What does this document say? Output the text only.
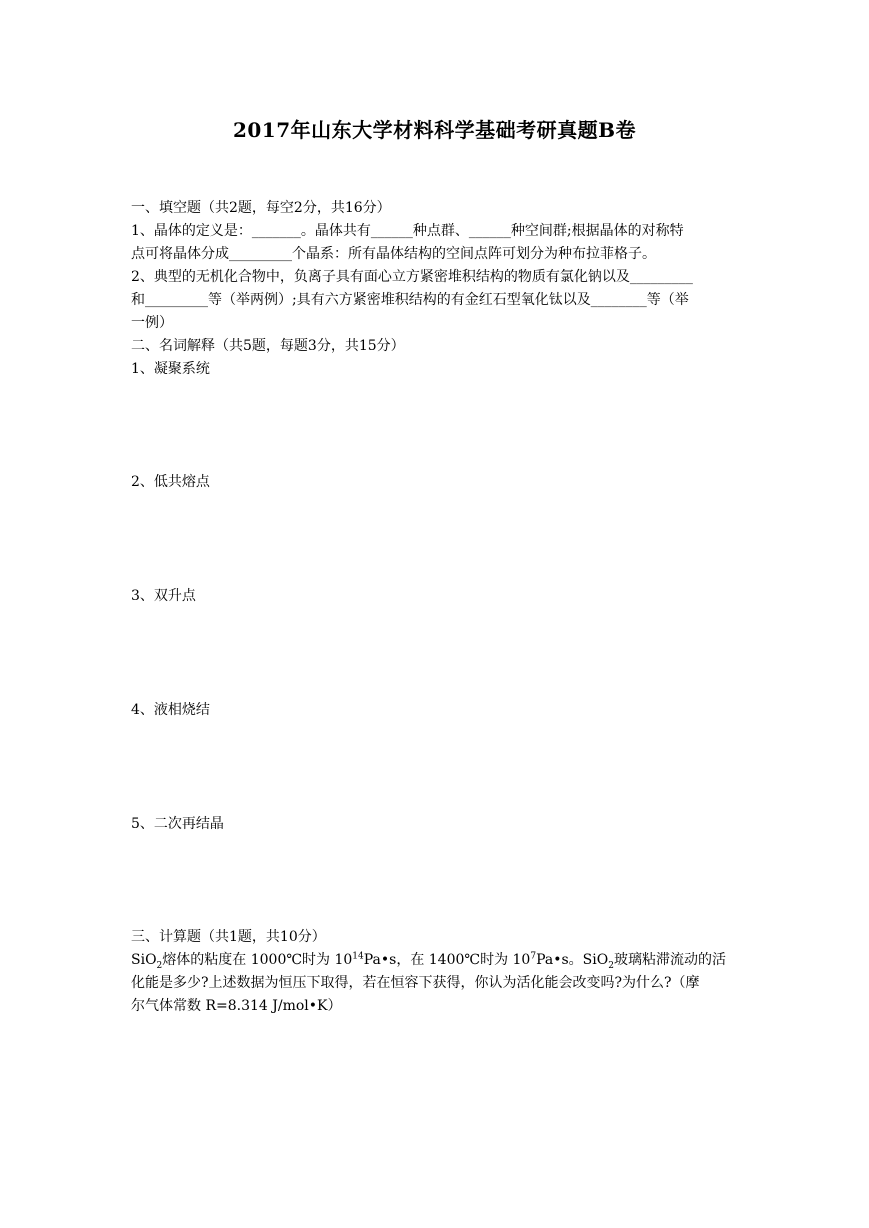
2017年山东大学材料科学基础考研真题B卷
一、填空题（共2题，每空2分，共16分）
1、晶体的定义是：_______。晶体共有______种点群、______种空间群;根据晶体的对称特
点可将晶体分成_________个晶系：所有晶体结构的空间点阵可划分为种布拉菲格子。
2、典型的无机化合物中，负离子具有面心立方紧密堆积结构的物质有氯化钠以及_________
和_________等（举两例）;具有六方紧密堆积结构的有金红石型氧化钛以及________等（举
一例）
二、名词解释（共5题，每题3分，共15分）
1、凝聚系统
2、低共熔点
3、双升点
4、液相烧结
5、二次再结晶
三、计算题（共1题，共10分）
SiO$_2$熔体的粘度在 1000℃时为 $10^{14}Pa•s$，在 1400℃时为 $10^7Pa•s$。SiO$_2$玻璃粘滞流动的活
化能是多少?上述数据为恒压下取得，若在恒容下获得，你认为活化能会改变吗?为什么?（摩
尔气体常数 R=8.314 J/mol•K）
